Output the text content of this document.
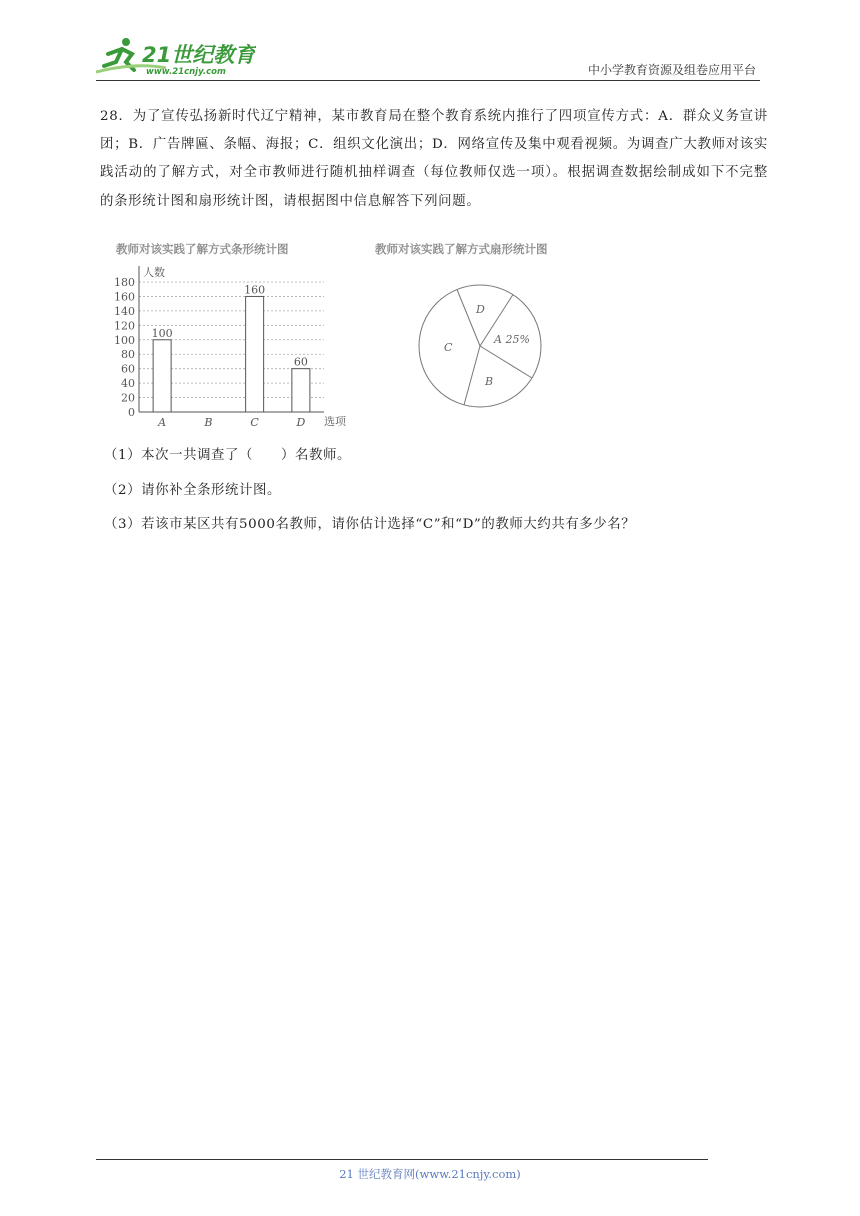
21世纪教育
www.21cnjy.com	中小学教育资源及组卷应用平台

28．为了宣传弘扬新时代辽宁精神，某市教育局在整个教育系统内推行了四项宣传方式：A．群众义务宣讲团；B．广告牌匾、条幅、海报；C．组织文化演出；D．网络宣传及集中观看视频。为调查广大教师对该实践活动的了解方式，对全市教师进行随机抽样调查（每位教师仅选一项）。根据调查数据绘制成如下不完整的条形统计图和扇形统计图，请根据图中信息解答下列问题。

教师对该实践了解方式条形统计图
0
20
40
60
80
100
120
140
160
180
100
160
60
A	B	C	D
人数
选项
教师对该实践了解方式扇形统计图
A 25%
B
C
D

（1）本次一共调查了（　　）名教师。

（2）请你补全条形统计图。

（3）若该市某区共有5000名教师，请你估计选择“C”和“D”的教师大约共有多少名？

21 世纪教育网(www.21cnjy.com)
